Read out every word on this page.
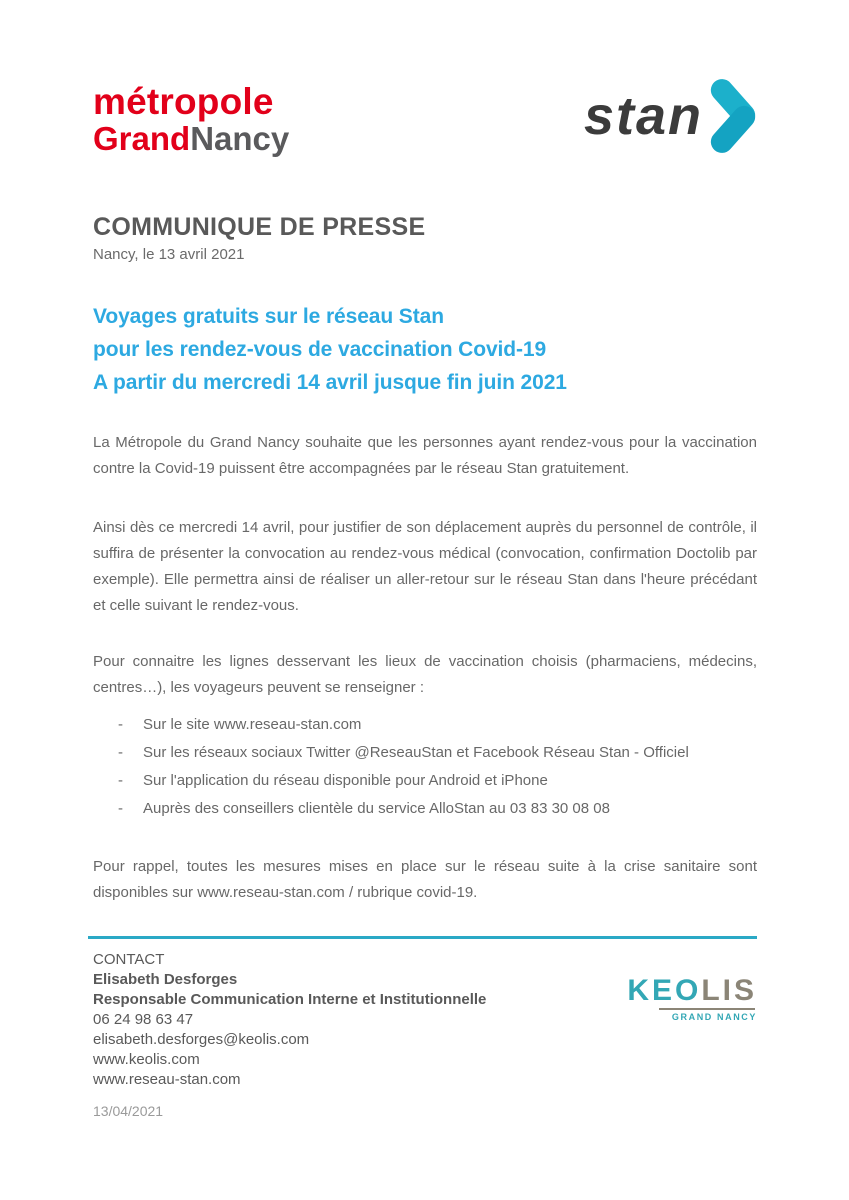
métropole
GrandNancy	stan
COMMUNIQUE DE PRESSE
Nancy, le 13 avril 2021
Voyages gratuits sur le réseau Stan
pour les rendez-vous de vaccination Covid-19
A partir du mercredi 14 avril jusque fin juin 2021

La Métropole du Grand Nancy souhaite que les personnes ayant rendez-vous pour la vaccination contre la Covid-19 puissent être accompagnées par le réseau Stan gratuitement.

Ainsi dès ce mercredi 14 avril, pour justifier de son déplacement auprès du personnel de contrôle, il suffira de présenter la convocation au rendez-vous médical (convocation, confirmation Doctolib par exemple). Elle permettra ainsi de réaliser un aller-retour sur le réseau Stan dans l'heure précédant et celle suivant le rendez-vous.

Pour connaitre les lignes desservant les lieux de vaccination choisis (pharmaciens, médecins, centres…), les voyageurs peuvent se renseigner :

-	Sur le site www.reseau-stan.com
-	Sur les réseaux sociaux Twitter @ReseauStan et Facebook Réseau Stan - Officiel
-	Sur l'application du réseau disponible pour Android et iPhone
-	Auprès des conseillers clientèle du service AlloStan au 03 83 30 08 08

Pour rappel, toutes les mesures mises en place sur le réseau suite à la crise sanitaire sont disponibles sur www.reseau-stan.com / rubrique covid-19.

CONTACT
Elisabeth Desforges
Responsable Communication Interne et Institutionnelle
06 24 98 63 47
elisabeth.desforges@keolis.com
www.keolis.com
www.reseau-stan.com
KEOLIS
GRAND NANCY
13/04/2021
